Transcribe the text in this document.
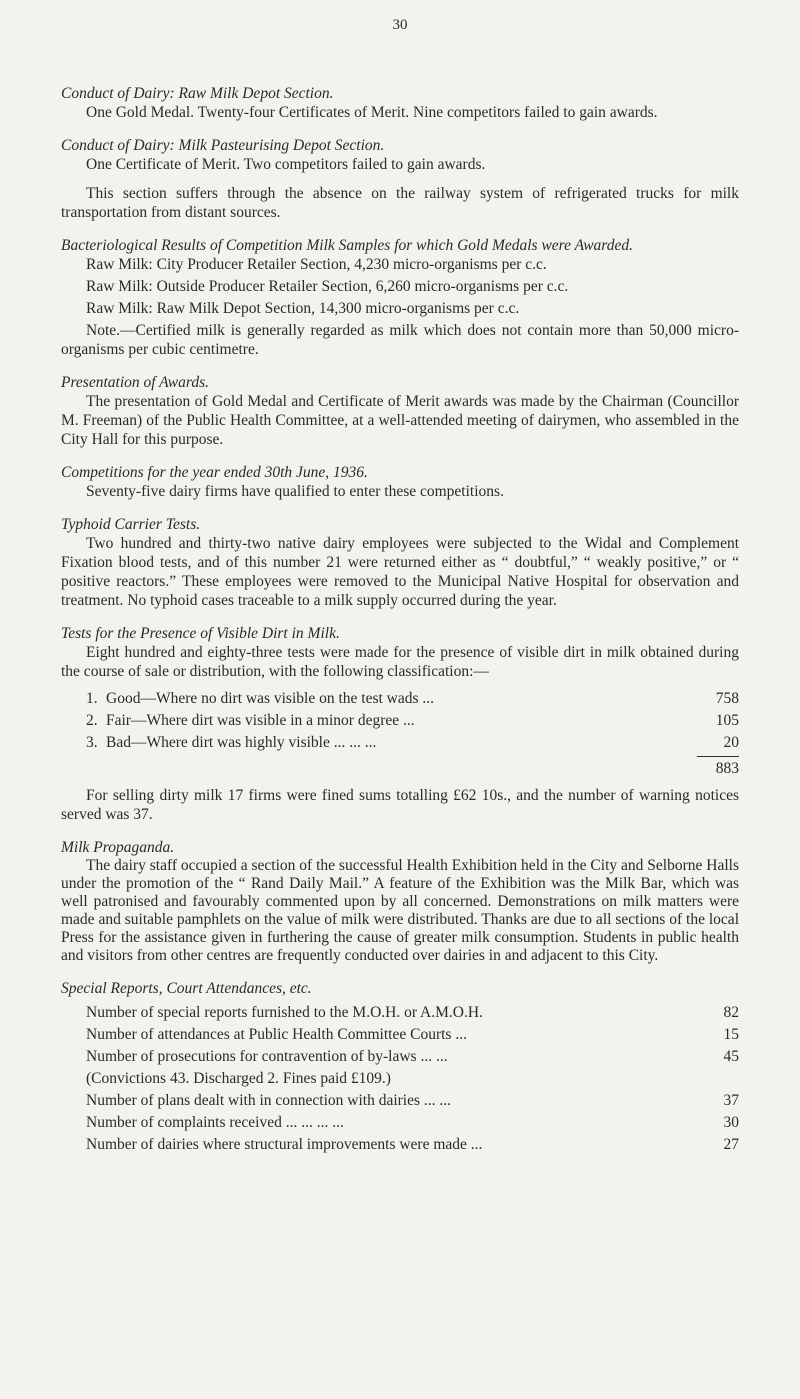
30

Conduct of Dairy: Raw Milk Depot Section.

One Gold Medal. Twenty-four Certificates of Merit. Nine competitors failed to gain awards.

Conduct of Dairy: Milk Pasteurising Depot Section.

One Certificate of Merit. Two competitors failed to gain awards.

This section suffers through the absence on the railway system of refrigerated trucks for milk transportation from distant sources.

Bacteriological Results of Competition Milk Samples for which Gold Medals were Awarded.

Raw Milk: City Producer Retailer Section, 4,230 micro-organisms per c.c.

Raw Milk: Outside Producer Retailer Section, 6,260 micro-organisms per c.c.

Raw Milk: Raw Milk Depot Section, 14,300 micro-organisms per c.c.

Note.—Certified milk is generally regarded as milk which does not contain more than 50,000 micro-organisms per cubic centimetre.

Presentation of Awards.

The presentation of Gold Medal and Certificate of Merit awards was made by the Chairman (Councillor M. Freeman) of the Public Health Committee, at a well-attended meeting of dairymen, who assembled in the City Hall for this purpose.

Competitions for the year ended 30th June, 1936.

Seventy-five dairy firms have qualified to enter these competitions.

Typhoid Carrier Tests.

Two hundred and thirty-two native dairy employees were subjected to the Widal and Complement Fixation blood tests, and of this number 21 were returned either as “ doubtful,” “ weakly positive,” or “ positive reactors.” These employees were removed to the Municipal Native Hospital for observation and treatment. No typhoid cases traceable to a milk supply occurred during the year.

Tests for the Presence of Visible Dirt in Milk.

Eight hundred and eighty-three tests were made for the presence of visible dirt in milk obtained during the course of sale or distribution, with the following classification:—

1. Good—Where no dirt was visible on the test wads ...	758
2. Fair—Where dirt was visible in a minor degree ...	105
3. Bad—Where dirt was highly visible ... ... ...	20
883

For selling dirty milk 17 firms were fined sums totalling £62 10s., and the number of warning notices served was 37.

Milk Propaganda.

The dairy staff occupied a section of the successful Health Exhibition held in the City and Selborne Halls under the promotion of the “ Rand Daily Mail.” A feature of the Exhibition was the Milk Bar, which was well patronised and favourably commented upon by all concerned. Demonstrations on milk matters were made and suitable pamphlets on the value of milk were distributed. Thanks are due to all sections of the local Press for the assistance given in furthering the cause of greater milk consumption. Students in public health and visitors from other centres are frequently conducted over dairies in and adjacent to this City.

Special Reports, Court Attendances, etc.

Number of special reports furnished to the M.O.H. or A.M.O.H.	82
Number of attendances at Public Health Committee Courts ...	15
Number of prosecutions for contravention of by-laws ... ...	45
(Convictions 43. Discharged 2. Fines paid £109.)
Number of plans dealt with in connection with dairies ... ...	37
Number of complaints received ... ... ... ...	30
Number of dairies where structural improvements were made ...	27
